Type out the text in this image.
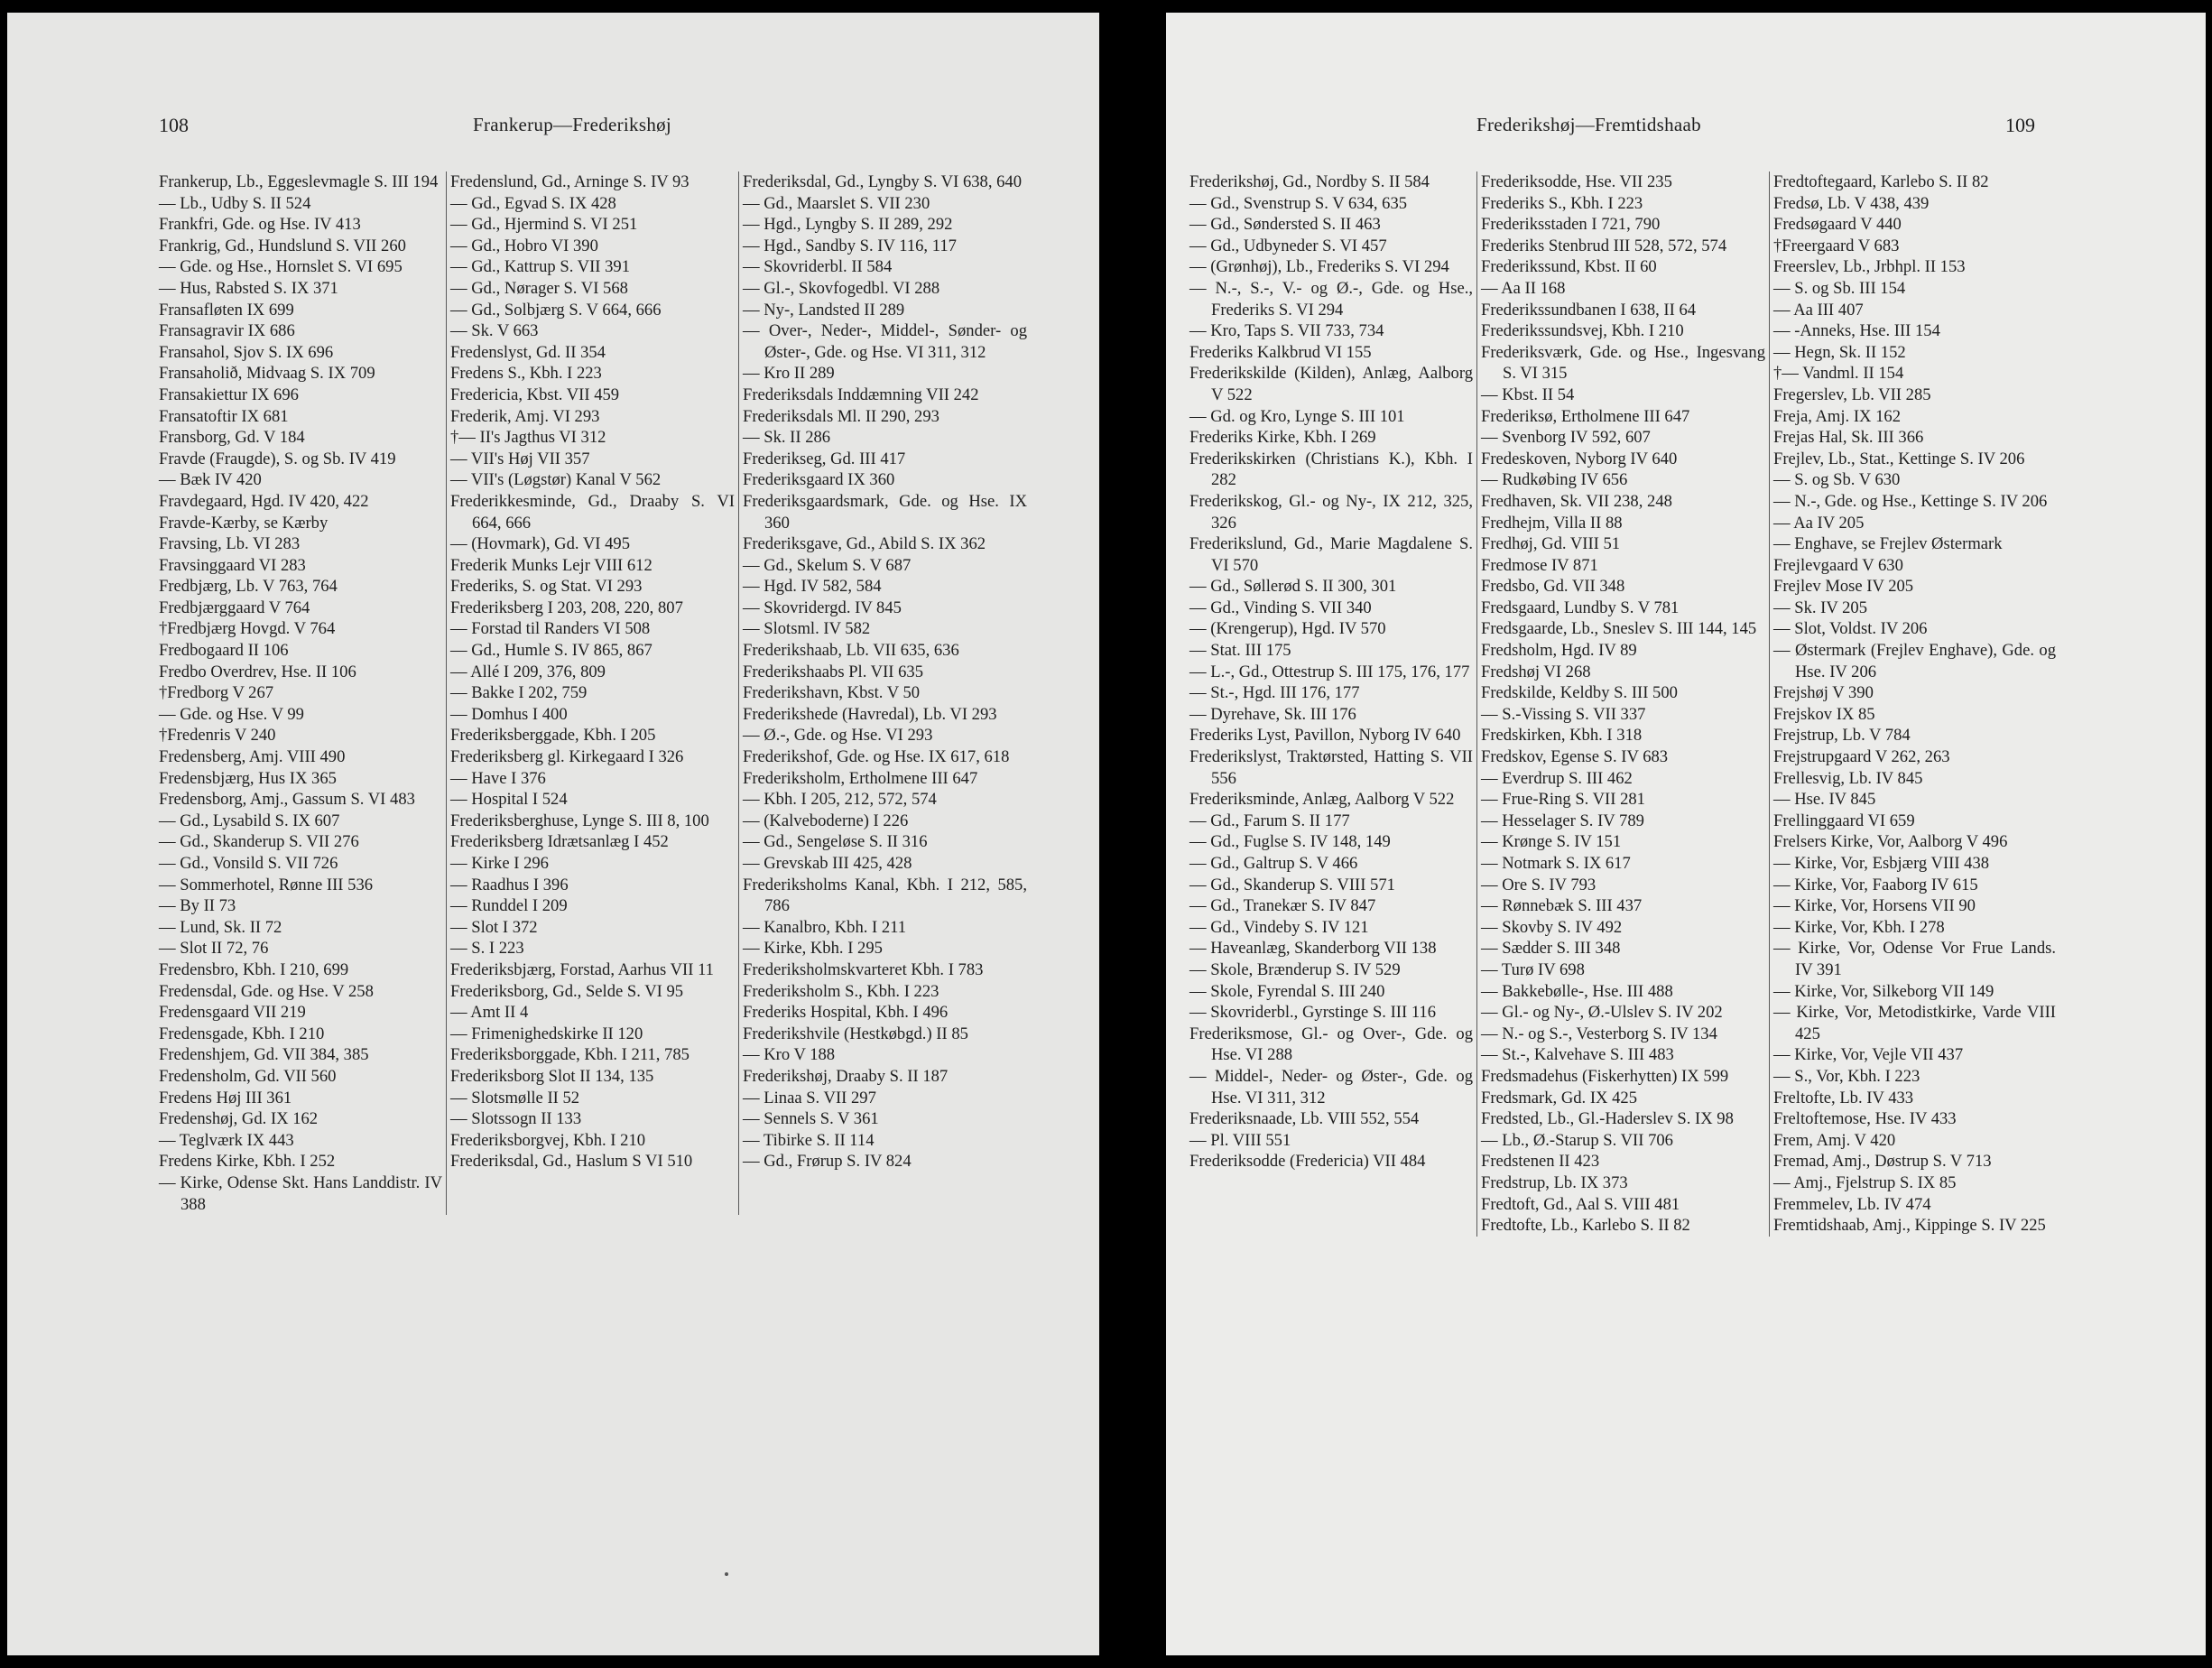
108	Frankerup—Frederikshøj

Frankerup, Lb., Eggeslevmagle S. III 194

— Lb., Udby S. II 524

Frankfri, Gde. og Hse. IV 413

Frankrig, Gd., Hundslund S. VII 260

— Gde. og Hse., Hornslet S. VI 695

— Hus, Rabsted S. IX 371

Fransafløten IX 699

Fransagravir IX 686

Fransahol, Sjov S. IX 696

Fransaholið, Midvaag S. IX 709

Fransakiettur IX 696

Fransatoftir IX 681

Fransborg, Gd. V 184

Fravde (Fraugde), S. og Sb. IV 419

— Bæk IV 420

Fravdegaard, Hgd. IV 420, 422

Fravde-Kærby, se Kærby

Fravsing, Lb. VI 283

Fravsinggaard VI 283

Fredbjærg, Lb. V 763, 764

Fredbjærggaard V 764

†Fredbjærg Hovgd. V 764

Fredbogaard II 106

Fredbo Overdrev, Hse. II 106

†Fredborg V 267

— Gde. og Hse. V 99

†Fredenris V 240

Fredensberg, Amj. VIII 490

Fredensbjærg, Hus IX 365

Fredensborg, Amj., Gassum S. VI 483

— Gd., Lysabild S. IX 607

— Gd., Skanderup S. VII 276

— Gd., Vonsild S. VII 726

— Sommerhotel, Rønne III 536

— By II 73

— Lund, Sk. II 72

— Slot II 72, 76

Fredensbro, Kbh. I 210, 699

Fredensdal, Gde. og Hse. V 258

Fredensgaard VII 219

Fredensgade, Kbh. I 210

Fredenshjem, Gd. VII 384, 385

Fredensholm, Gd. VII 560

Fredens Høj III 361

Fredenshøj, Gd. IX 162

— Teglværk IX 443

Fredens Kirke, Kbh. I 252

— Kirke, Odense Skt. Hans Landdistr. IV 388

Fredenslund, Gd., Arninge S. IV 93

— Gd., Egvad S. IX 428

— Gd., Hjermind S. VI 251

— Gd., Hobro VI 390

— Gd., Kattrup S. VII 391

— Gd., Nørager S. VI 568

— Gd., Solbjærg S. V 664, 666

— Sk. V 663

Fredenslyst, Gd. II 354

Fredens S., Kbh. I 223

Fredericia, Kbst. VII 459

Frederik, Amj. VI 293

†— II's Jagthus VI 312

— VII's Høj VII 357

— VII's (Løgstør) Kanal V 562

Frederikkesminde, Gd., Draaby S. VI 664, 666

— (Hovmark), Gd. VI 495

Frederik Munks Lejr VIII 612

Frederiks, S. og Stat. VI 293

Frederiksberg I 203, 208, 220, 807

— Forstad til Randers VI 508

— Gd., Humle S. IV 865, 867

— Allé I 209, 376, 809

— Bakke I 202, 759

— Domhus I 400

Frederiksberggade, Kbh. I 205

Frederiksberg gl. Kirkegaard I 326

— Have I 376

— Hospital I 524

Frederiksberghuse, Lynge S. III 8, 100

Frederiksberg Idrætsanlæg I 452

— Kirke I 296

— Raadhus I 396

— Runddel I 209

— Slot I 372

— S. I 223

Frederiksbjærg, Forstad, Aarhus VII 11

Frederiksborg, Gd., Selde S. VI 95

— Amt II 4

— Frimenighedskirke II 120

Frederiksborggade, Kbh. I 211, 785

Frederiksborg Slot II 134, 135

— Slotsmølle II 52

— Slotssogn II 133

Frederiksborgvej, Kbh. I 210

Frederiksdal, Gd., Haslum S VI 510

Frederiksdal, Gd., Lyngby S. VI 638, 640

— Gd., Maarslet S. VII 230

— Hgd., Lyngby S. II 289, 292

— Hgd., Sandby S. IV 116, 117

— Skovriderbl. II 584

— Gl.-, Skovfogedbl. VI 288

— Ny-, Landsted II 289

— Over-, Neder-, Middel-, Sønder- og Øster-, Gde. og Hse. VI 311, 312

— Kro II 289

Frederiksdals Inddæmning VII 242

Frederiksdals Ml. II 290, 293

— Sk. II 286

Frederikseg, Gd. III 417

Frederiksgaard IX 360

Frederiksgaardsmark, Gde. og Hse. IX 360

Frederiksgave, Gd., Abild S. IX 362

— Gd., Skelum S. V 687

— Hgd. IV 582, 584

— Skovridergd. IV 845

— Slotsml. IV 582

Frederikshaab, Lb. VII 635, 636

Frederikshaabs Pl. VII 635

Frederikshavn, Kbst. V 50

Frederikshede (Havredal), Lb. VI 293

— Ø.-, Gde. og Hse. VI 293

Frederikshof, Gde. og Hse. IX 617, 618

Frederiksholm, Ertholmene III 647

— Kbh. I 205, 212, 572, 574

— (Kalveboderne) I 226

— Gd., Sengeløse S. II 316

— Grevskab III 425, 428

Frederiksholms Kanal, Kbh. I 212, 585, 786

— Kanalbro, Kbh. I 211

— Kirke, Kbh. I 295

Frederiksholmskvarteret Kbh. I 783

Frederiksholm S., Kbh. I 223

Frederiks Hospital, Kbh. I 496

Frederikshvile (Hestkøbgd.) II 85

— Kro V 188

Frederikshøj, Draaby S. II 187

— Linaa S. VII 297

— Sennels S. V 361

— Tibirke S. II 114

— Gd., Frørup S. IV 824

Frederikshøj—Fremtidshaab	109

Frederikshøj, Gd., Nordby S. II 584

— Gd., Svenstrup S. V 634, 635

— Gd., Søndersted S. II 463

— Gd., Udbyneder S. VI 457

— (Grønhøj), Lb., Frederiks S. VI 294

— N.-, S.-, V.- og Ø.-, Gde. og Hse., Frederiks S. VI 294

— Kro, Taps S. VII 733, 734

Frederiks Kalkbrud VI 155

Frederikskilde (Kilden), Anlæg, Aalborg V 522

— Gd. og Kro, Lynge S. III 101

Frederiks Kirke, Kbh. I 269

Frederikskirken (Christians K.), Kbh. I 282

Frederikskog, Gl.- og Ny-, IX 212, 325, 326

Frederikslund, Gd., Marie Magdalene S. VI 570

— Gd., Søllerød S. II 300, 301

— Gd., Vinding S. VII 340

— (Krengerup), Hgd. IV 570

— Stat. III 175

— L.-, Gd., Ottestrup S. III 175, 176, 177

— St.-, Hgd. III 176, 177

— Dyrehave, Sk. III 176

Frederiks Lyst, Pavillon, Nyborg IV 640

Frederikslyst, Traktørsted, Hatting S. VII 556

Frederiksminde, Anlæg, Aalborg V 522

— Gd., Farum S. II 177

— Gd., Fuglse S. IV 148, 149

— Gd., Galtrup S. V 466

— Gd., Skanderup S. VIII 571

— Gd., Tranekær S. IV 847

— Gd., Vindeby S. IV 121

— Haveanlæg, Skanderborg VII 138

— Skole, Brænderup S. IV 529

— Skole, Fyrendal S. III 240

— Skovriderbl., Gyrstinge S. III 116

Frederiksmose, Gl.- og Over-, Gde. og Hse. VI 288

— Middel-, Neder- og Øster-, Gde. og Hse. VI 311, 312

Frederiksnaade, Lb. VIII 552, 554

— Pl. VIII 551

Frederiksodde (Fredericia) VII 484

Frederiksodde, Hse. VII 235

Frederiks S., Kbh. I 223

Frederiksstaden I 721, 790

Frederiks Stenbrud III 528, 572, 574

Frederikssund, Kbst. II 60

— Aa II 168

Frederikssundbanen I 638, II 64

Frederikssundsvej, Kbh. I 210

Frederiksværk, Gde. og Hse., Ingesvang S. VI 315

— Kbst. II 54

Frederiksø, Ertholmene III 647

— Svenborg IV 592, 607

Fredeskoven, Nyborg IV 640

— Rudkøbing IV 656

Fredhaven, Sk. VII 238, 248

Fredhejm, Villa II 88

Fredhøj, Gd. VIII 51

Fredmose IV 871

Fredsbo, Gd. VII 348

Fredsgaard, Lundby S. V 781

Fredsgaarde, Lb., Sneslev S. III 144, 145

Fredsholm, Hgd. IV 89

Fredshøj VI 268

Fredskilde, Keldby S. III 500

— S.-Vissing S. VII 337

Fredskirken, Kbh. I 318

Fredskov, Egense S. IV 683

— Everdrup S. III 462

— Frue-Ring S. VII 281

— Hesselager S. IV 789

— Krønge S. IV 151

— Notmark S. IX 617

— Ore S. IV 793

— Rønnebæk S. III 437

— Skovby S. IV 492

— Sædder S. III 348

— Turø IV 698

— Bakkebølle-, Hse. III 488

— Gl.- og Ny-, Ø.-Ulslev S. IV 202

— N.- og S.-, Vesterborg S. IV 134

— St.-, Kalvehave S. III 483

Fredsmadehus (Fiskerhytten) IX 599

Fredsmark, Gd. IX 425

Fredsted, Lb., Gl.-Haderslev S. IX 98

— Lb., Ø.-Starup S. VII 706

Fredstenen II 423

Fredstrup, Lb. IX 373

Fredtoft, Gd., Aal S. VIII 481

Fredtofte, Lb., Karlebo S. II 82

Fredtoftegaard, Karlebo S. II 82

Fredsø, Lb. V 438, 439

Fredsøgaard V 440

†Freergaard V 683

Freerslev, Lb., Jrbhpl. II 153

— S. og Sb. III 154

— Aa III 407

— -Anneks, Hse. III 154

— Hegn, Sk. II 152

†— Vandml. II 154

Fregerslev, Lb. VII 285

Freja, Amj. IX 162

Frejas Hal, Sk. III 366

Frejlev, Lb., Stat., Kettinge S. IV 206

— S. og Sb. V 630

— N.-, Gde. og Hse., Kettinge S. IV 206

— Aa IV 205

— Enghave, se Frejlev Østermark

Frejlevgaard V 630

Frejlev Mose IV 205

— Sk. IV 205

— Slot, Voldst. IV 206

— Østermark (Frejlev Enghave), Gde. og Hse. IV 206

Frejshøj V 390

Frejskov IX 85

Frejstrup, Lb. V 784

Frejstrupgaard V 262, 263

Frellesvig, Lb. IV 845

— Hse. IV 845

Frellinggaard VI 659

Frelsers Kirke, Vor, Aalborg V 496

— Kirke, Vor, Esbjærg VIII 438

— Kirke, Vor, Faaborg IV 615

— Kirke, Vor, Horsens VII 90

— Kirke, Vor, Kbh. I 278

— Kirke, Vor, Odense Vor Frue Lands. IV 391

— Kirke, Vor, Silkeborg VII 149

— Kirke, Vor, Metodistkirke, Varde VIII 425

— Kirke, Vor, Vejle VII 437

— S., Vor, Kbh. I 223

Freltofte, Lb. IV 433

Freltoftemose, Hse. IV 433

Frem, Amj. V 420

Fremad, Amj., Døstrup S. V 713

— Amj., Fjelstrup S. IX 85

Fremmelev, Lb. IV 474

Fremtidshaab, Amj., Kippinge S. IV 225
